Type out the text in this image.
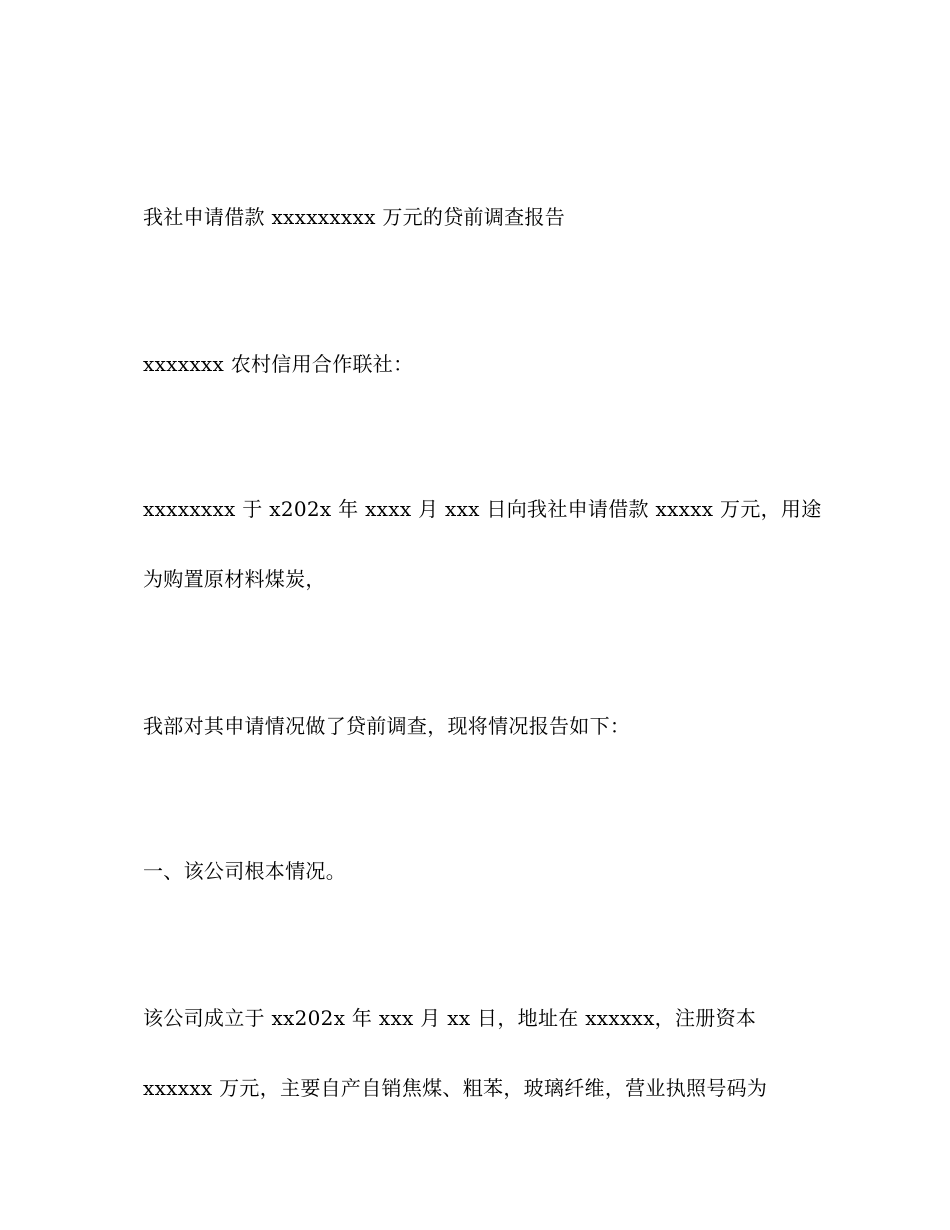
我社申请借款 xxxxxxxxx 万元的贷前调查报告
xxxxxxx 农村信用合作联社：
xxxxxxxx 于 x202x 年 xxxx 月 xxx 日向我社申请借款 xxxxx 万元，用途
为购置原材料煤炭，
我部对其申请情况做了贷前调查，现将情况报告如下：
一、该公司根本情况。
该公司成立于 xx202x 年 xxx 月 xx 日，地址在 xxxxxx，注册资本
xxxxxx 万元，主要自产自销焦煤、粗苯，玻璃纤维，营业执照号码为
